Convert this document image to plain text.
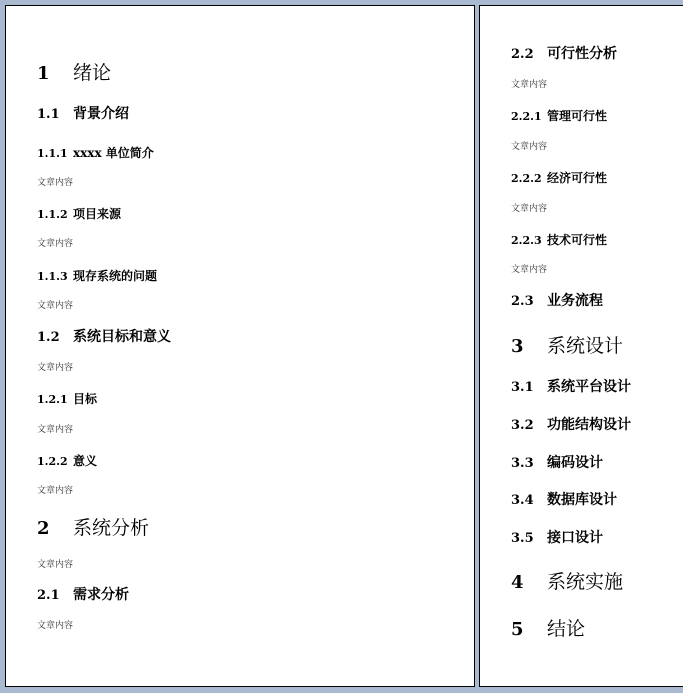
1 绪论
1.1 背景介绍
1.1.1 xxxx 单位简介
文章内容
1.1.2 项目来源
文章内容
1.1.3 现存系统的问题
文章内容
1.2 系统目标和意义
文章内容
1.2.1 目标
文章内容
1.2.2 意义
文章内容
2 系统分析
文章内容
2.1 需求分析
文章内容
2.2 可行性分析
文章内容
2.2.1 管理可行性
文章内容
2.2.2 经济可行性
文章内容
2.2.3 技术可行性
文章内容
2.3 业务流程
3 系统设计
3.1 系统平台设计
3.2 功能结构设计
3.3 编码设计
3.4 数据库设计
3.5 接口设计
4 系统实施
5 结论
